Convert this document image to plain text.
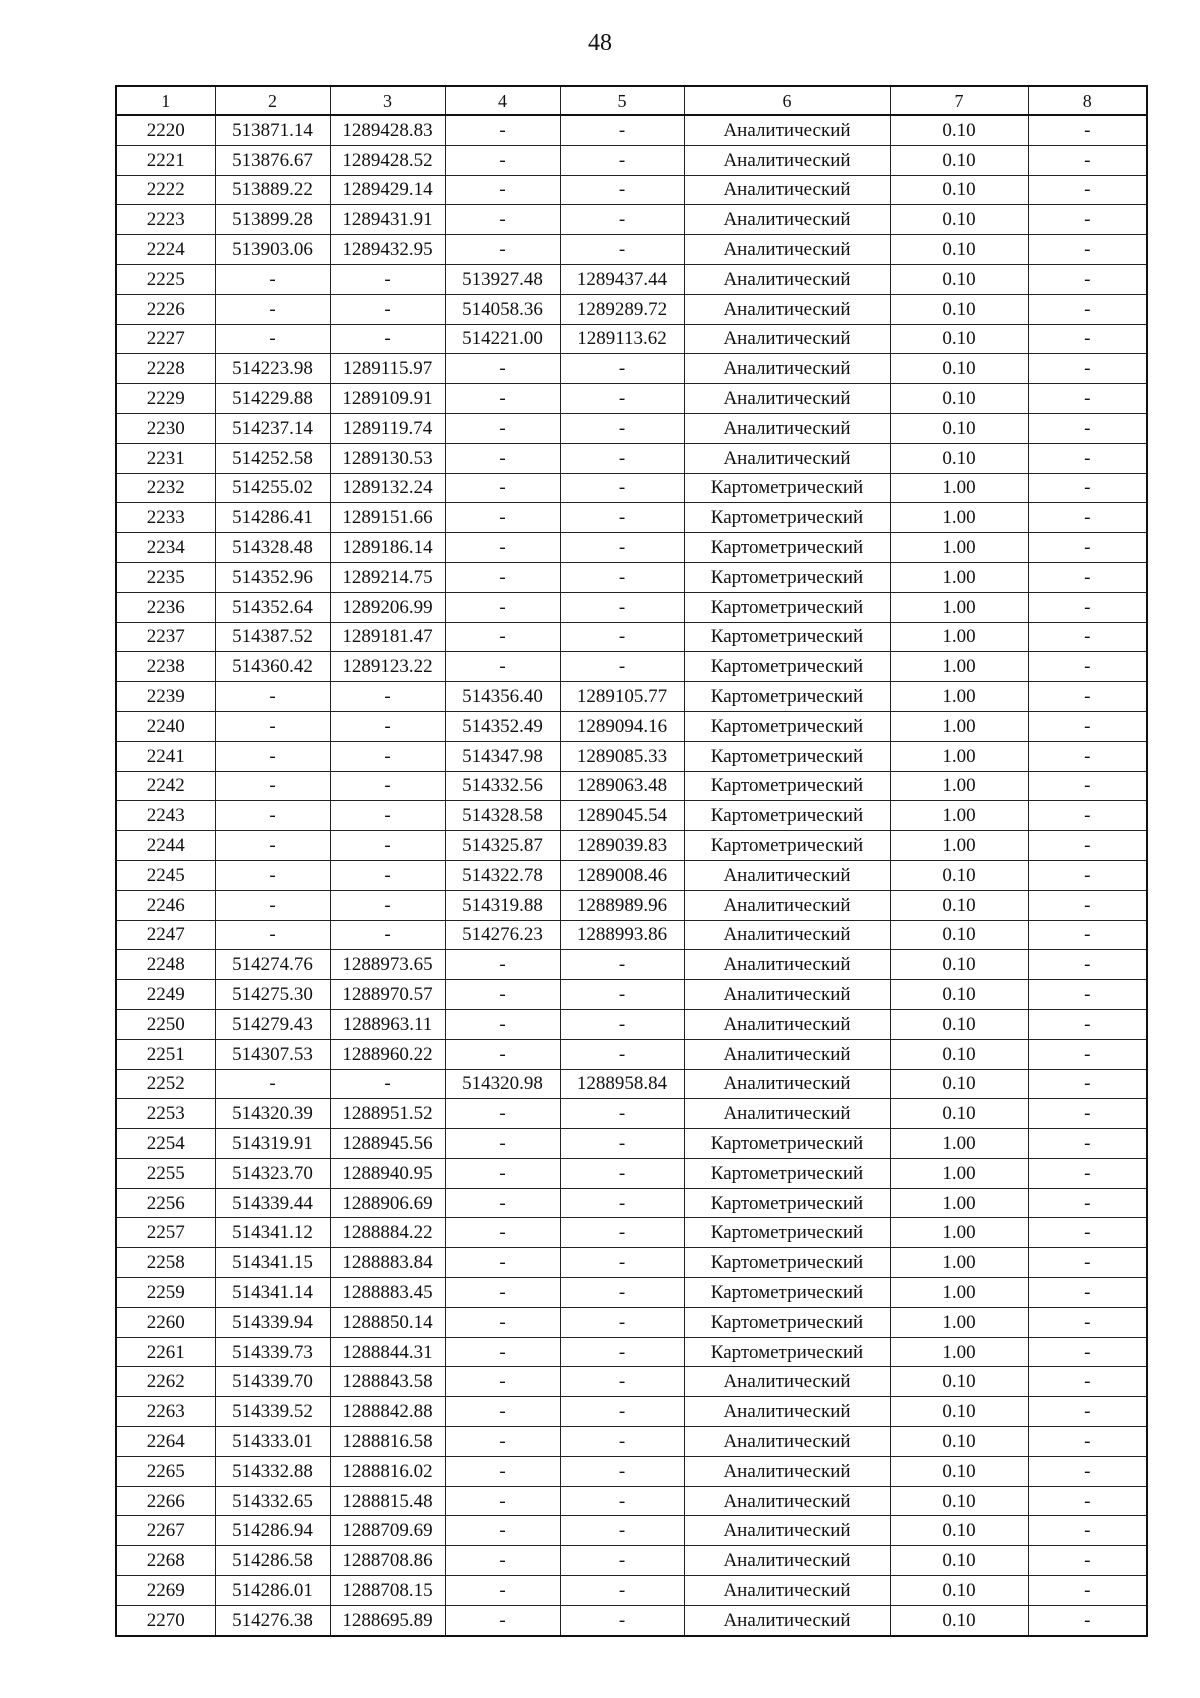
48
1	2	3	4	5	6	7	8
2220	513871.14	1289428.83	-	-	Аналитический	0.10	-
2221	513876.67	1289428.52	-	-	Аналитический	0.10	-
2222	513889.22	1289429.14	-	-	Аналитический	0.10	-
2223	513899.28	1289431.91	-	-	Аналитический	0.10	-
2224	513903.06	1289432.95	-	-	Аналитический	0.10	-
2225	-	-	513927.48	1289437.44	Аналитический	0.10	-
2226	-	-	514058.36	1289289.72	Аналитический	0.10	-
2227	-	-	514221.00	1289113.62	Аналитический	0.10	-
2228	514223.98	1289115.97	-	-	Аналитический	0.10	-
2229	514229.88	1289109.91	-	-	Аналитический	0.10	-
2230	514237.14	1289119.74	-	-	Аналитический	0.10	-
2231	514252.58	1289130.53	-	-	Аналитический	0.10	-
2232	514255.02	1289132.24	-	-	Картометрический	1.00	-
2233	514286.41	1289151.66	-	-	Картометрический	1.00	-
2234	514328.48	1289186.14	-	-	Картометрический	1.00	-
2235	514352.96	1289214.75	-	-	Картометрический	1.00	-
2236	514352.64	1289206.99	-	-	Картометрический	1.00	-
2237	514387.52	1289181.47	-	-	Картометрический	1.00	-
2238	514360.42	1289123.22	-	-	Картометрический	1.00	-
2239	-	-	514356.40	1289105.77	Картометрический	1.00	-
2240	-	-	514352.49	1289094.16	Картометрический	1.00	-
2241	-	-	514347.98	1289085.33	Картометрический	1.00	-
2242	-	-	514332.56	1289063.48	Картометрический	1.00	-
2243	-	-	514328.58	1289045.54	Картометрический	1.00	-
2244	-	-	514325.87	1289039.83	Картометрический	1.00	-
2245	-	-	514322.78	1289008.46	Аналитический	0.10	-
2246	-	-	514319.88	1288989.96	Аналитический	0.10	-
2247	-	-	514276.23	1288993.86	Аналитический	0.10	-
2248	514274.76	1288973.65	-	-	Аналитический	0.10	-
2249	514275.30	1288970.57	-	-	Аналитический	0.10	-
2250	514279.43	1288963.11	-	-	Аналитический	0.10	-
2251	514307.53	1288960.22	-	-	Аналитический	0.10	-
2252	-	-	514320.98	1288958.84	Аналитический	0.10	-
2253	514320.39	1288951.52	-	-	Аналитический	0.10	-
2254	514319.91	1288945.56	-	-	Картометрический	1.00	-
2255	514323.70	1288940.95	-	-	Картометрический	1.00	-
2256	514339.44	1288906.69	-	-	Картометрический	1.00	-
2257	514341.12	1288884.22	-	-	Картометрический	1.00	-
2258	514341.15	1288883.84	-	-	Картометрический	1.00	-
2259	514341.14	1288883.45	-	-	Картометрический	1.00	-
2260	514339.94	1288850.14	-	-	Картометрический	1.00	-
2261	514339.73	1288844.31	-	-	Картометрический	1.00	-
2262	514339.70	1288843.58	-	-	Аналитический	0.10	-
2263	514339.52	1288842.88	-	-	Аналитический	0.10	-
2264	514333.01	1288816.58	-	-	Аналитический	0.10	-
2265	514332.88	1288816.02	-	-	Аналитический	0.10	-
2266	514332.65	1288815.48	-	-	Аналитический	0.10	-
2267	514286.94	1288709.69	-	-	Аналитический	0.10	-
2268	514286.58	1288708.86	-	-	Аналитический	0.10	-
2269	514286.01	1288708.15	-	-	Аналитический	0.10	-
2270	514276.38	1288695.89	-	-	Аналитический	0.10	-
